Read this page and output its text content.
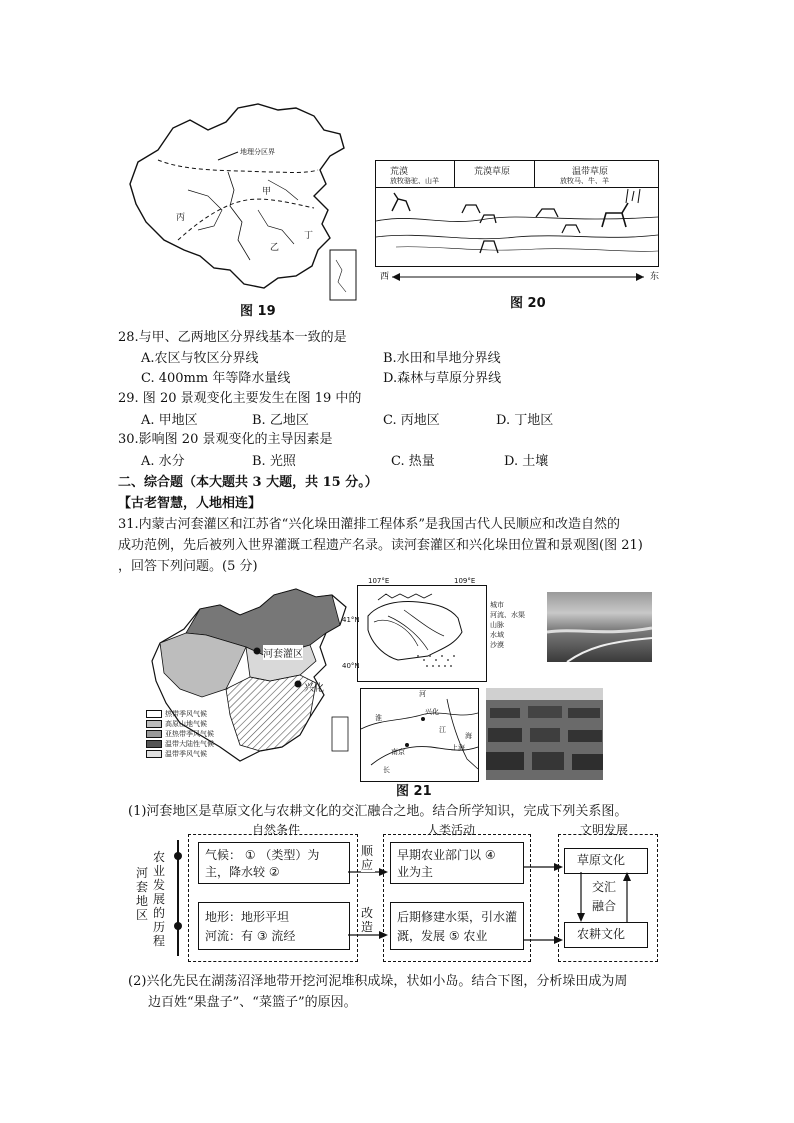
地理分区界
甲
丙
乙
丁
图 19
荒漠
放牧骆驼、山羊
荒漠草原	温带草原
放牧马、牛、羊
西	东
图 20
28.与甲、乙两地区分界线基本一致的是
A.农区与牧区分界线	B.水田和旱地分界线
C. 400mm 年等降水量线	D.森林与草原分界线
29. 图 20 景观变化主要发生在图 19 中的
A. 甲地区	B. 乙地区	C. 丙地区	D. 丁地区
30.影响图 20 景观变化的主导因素是
A. 水分	B. 光照	C. 热量	D. 土壤
二、综合题（本大题共 3 大题，共 15 分。）
【古老智慧，人地相连】
31.内蒙古河套灌区和江苏省“兴化垛田灌排工程体系”是我国古代人民顺应和改造自然的
成功范例，先后被列入世界灌溉工程遗产名录。读河套灌区和兴化垛田位置和景观图(图 21)
，回答下列问题。(5 分)
河套灌区
兴化
热带季风气候
高原山地气候
亚热带季风气候
温带大陆性气候
温带季风气候
107°E	109°E
41°N
40°N
城市
河流、水渠
山脉
水域
沙漠
兴化
南京
淮
河
江
长
上海
海
图 21
(1)河套地区是草原文化与农耕文化的交汇融合之地。结合所学知识，完成下列关系图。
自然条件	人类活动	文明发展
农业发展的历程
河套地区
气候： ① （类型）为
主，降水较 ②
地形：地形平坦
河流：有 ③ 流经
顺应
改造
早期农业部门以 ④
业为主
后期修建水渠，引水灌
溉，发展 ⑤ 农业
草原文化
农耕文化
交汇融合
(2)兴化先民在湖荡沼泽地带开挖河泥堆积成垛，状如小岛。结合下图，分析垛田成为周
边百姓“果盘子”、“菜篮子”的原因。
